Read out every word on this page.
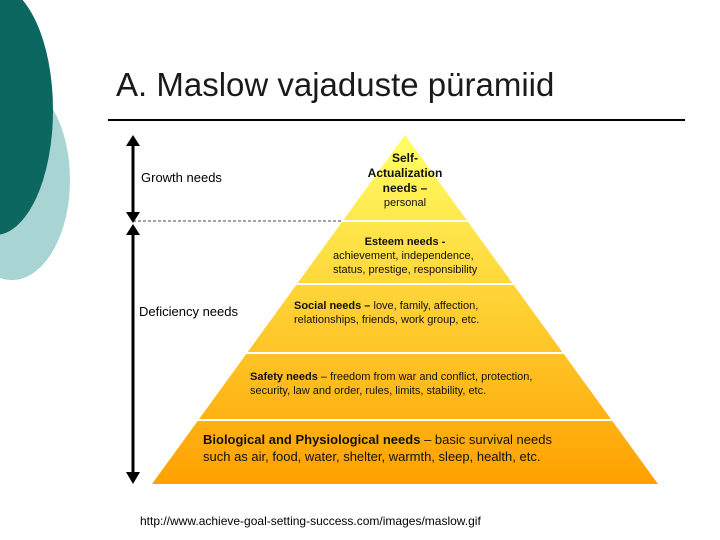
A. Maslow vajaduste püramiid
Growth needs
Deficiency needs
Self-
Actualization
needs –
personal
Esteem needs -
achievement, independence,
status, prestige, responsibility
Social needs – love, family, affection,
relationships, friends, work group, etc.
Safety needs – freedom from war and conflict, protection,
security, law and order, rules, limits, stability, etc.
Biological and Physiological needs – basic survival needs
such as air, food, water, shelter, warmth, sleep, health, etc.
http://www.achieve-goal-setting-success.com/images/maslow.gif
